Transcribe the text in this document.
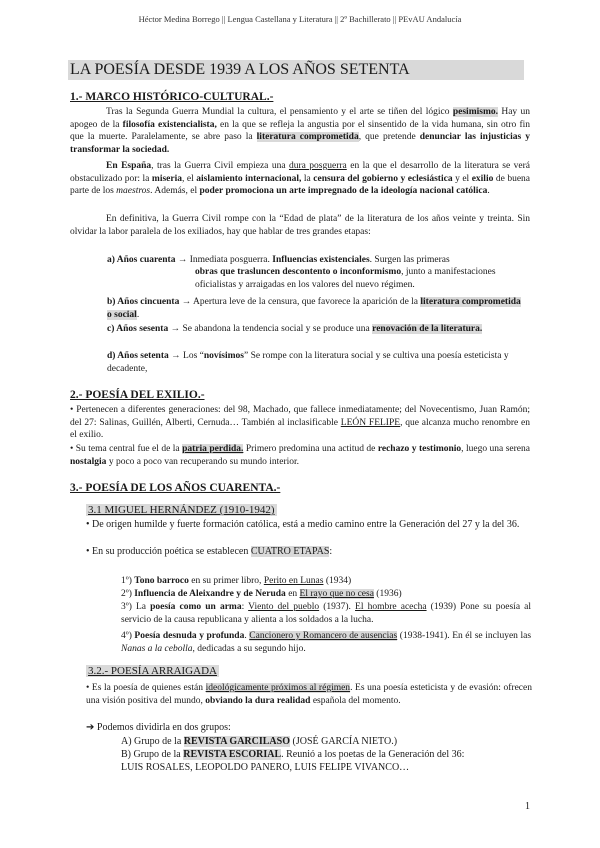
Héctor Medina Borrego || Lengua Castellana y Literatura || 2º Bachillerato || PEvAU Andalucía
LA POESÍA DESDE 1939 A LOS AÑOS SETENTA
1.- MARCO HISTÓRICO-CULTURAL.-
Tras la Segunda Guerra Mundial la cultura, el pensamiento y el arte se tiñen del lógico pesimismo. Hay un apogeo de la filosofía existencialista, en la que se refleja la angustia por el sinsentido de la vida humana, sin otro fin que la muerte. Paralelamente, se abre paso la literatura comprometida, que pretende denunciar las injusticias y transformar la sociedad.
En España, tras la Guerra Civil empieza una dura posguerra en la que el desarrollo de la literatura se verá obstaculizado por: la miseria, el aislamiento internacional, la censura del gobierno y eclesiástica y el exilio de buena parte de los maestros. Además, el poder promociona un arte impregnado de la ideología nacional católica.
En definitiva, la Guerra Civil rompe con la “Edad de plata” de la literatura de los años veinte y treinta. Sin olvidar la labor paralela de los exiliados, hay que hablar de tres grandes etapas:
a) Años cuarenta → Inmediata posguerra. Influencias existenciales. Surgen las primeras
obras que trasluncen descontento o inconformismo, junto a manifestaciones oficialistas y arraigadas en los valores del nuevo régimen.
b) Años cincuenta → Apertura leve de la censura, que favorece la aparición de la literatura comprometida o social.
c) Años sesenta → Se abandona la tendencia social y se produce una renovación de la literatura.
d) Años setenta → Los “novísimos” Se rompe con la literatura social y se cultiva una poesía esteticista y decadente,
2.- POESÍA DEL EXILIO.-
• Pertenecen a diferentes generaciones: del 98, Machado, que fallece inmediatamente; del Novecentismo, Juan Ramón; del 27: Salinas, Guillén, Alberti, Cernuda… También al inclasificable LEÓN FELIPE, que alcanza mucho renombre en el exilio.
• Su tema central fue el de la patria perdida. Primero predomina una actitud de rechazo y testimonio, luego una serena nostalgia y poco a poco van recuperando su mundo interior.
3.- POESÍA DE LOS AÑOS CUARENTA.-
3.1 MIGUEL HERNÁNDEZ (1910-1942)
• De origen humilde y fuerte formación católica, está a medio camino entre la Generación del 27 y la del 36.
• En su producción poética se establecen CUATRO ETAPAS:
1º) Tono barroco en su primer libro, Perito en Lunas (1934)
2º) Influencia de Aleixandre y de Neruda en El rayo que no cesa (1936)
3º) La poesía como un arma: Viento del pueblo (1937). El hombre acecha (1939) Pone su poesía al servicio de la causa republicana y alienta a los soldados a la lucha.
4º) Poesía desnuda y profunda. Cancionero y Romancero de ausencias (1938-1941). En él se incluyen las Nanas a la cebolla, dedicadas a su segundo hijo.
3.2.- POESÍA ARRAIGADA
• Es la poesía de quienes están ideológicamente próximos al régimen. Es una poesía esteticista y de evasión: ofrecen una visión positiva del mundo, obviando la dura realidad española del momento.
➔ Podemos dividirla en dos grupos:
A) Grupo de la REVISTA GARCILASO (JOSÉ GARCÍA NIETO.)
B) Grupo de la REVISTA ESCORIAL. Reunió a los poetas de la Generación del 36:
LUIS ROSALES, LEOPOLDO PANERO, LUIS FELIPE VIVANCO…
1
